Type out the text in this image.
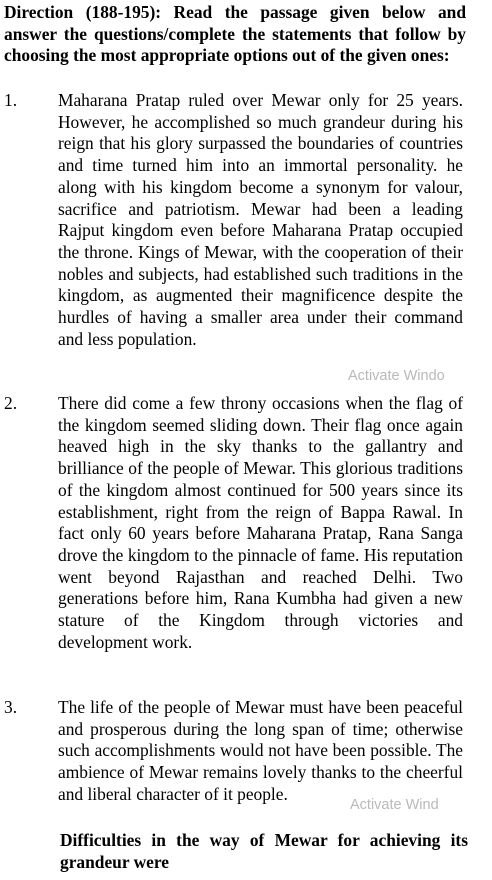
Direction (188-195): Read the passage given below and answer the questions/complete the statements that follow by choosing the most appropriate options out of the given ones:

1. Maharana Pratap ruled over Mewar only for 25 years. However, he accomplished so much grandeur during his reign that his glory surpassed the boundaries of countries and time turned him into an immortal personality. he along with his kingdom become a synonym for valour, sacrifice and patriotism. Mewar had been a leading Rajput kingdom even before Maharana Pratap occupied the throne. Kings of Mewar, with the cooperation of their nobles and subjects, had established such traditions in the kingdom, as augmented their magnificence despite the hurdles of having a smaller area under their command and less population.

2. There did come a few throny occasions when the flag of the kingdom seemed sliding down. Their flag once again heaved high in the sky thanks to the gallantry and brilliance of the people of Mewar. This glorious traditions of the kingdom almost continued for 500 years since its establishment, right from the reign of Bappa Rawal. In fact only 60 years before Maharana Pratap, Rana Sanga drove the kingdom to the pinnacle of fame. His reputation went beyond Rajasthan and reached Delhi. Two generations before him, Rana Kumbha had given a new stature of the Kingdom through victories and development work.

3. The life of the people of Mewar must have been peaceful and prosperous during the long span of time; otherwise such accomplishments would not have been possible. The ambience of Mewar remains lovely thanks to the cheerful and liberal character of it people.

Difficulties in the way of Mewar for achieving its grandeur were

Activate Windo
Activate Wind
